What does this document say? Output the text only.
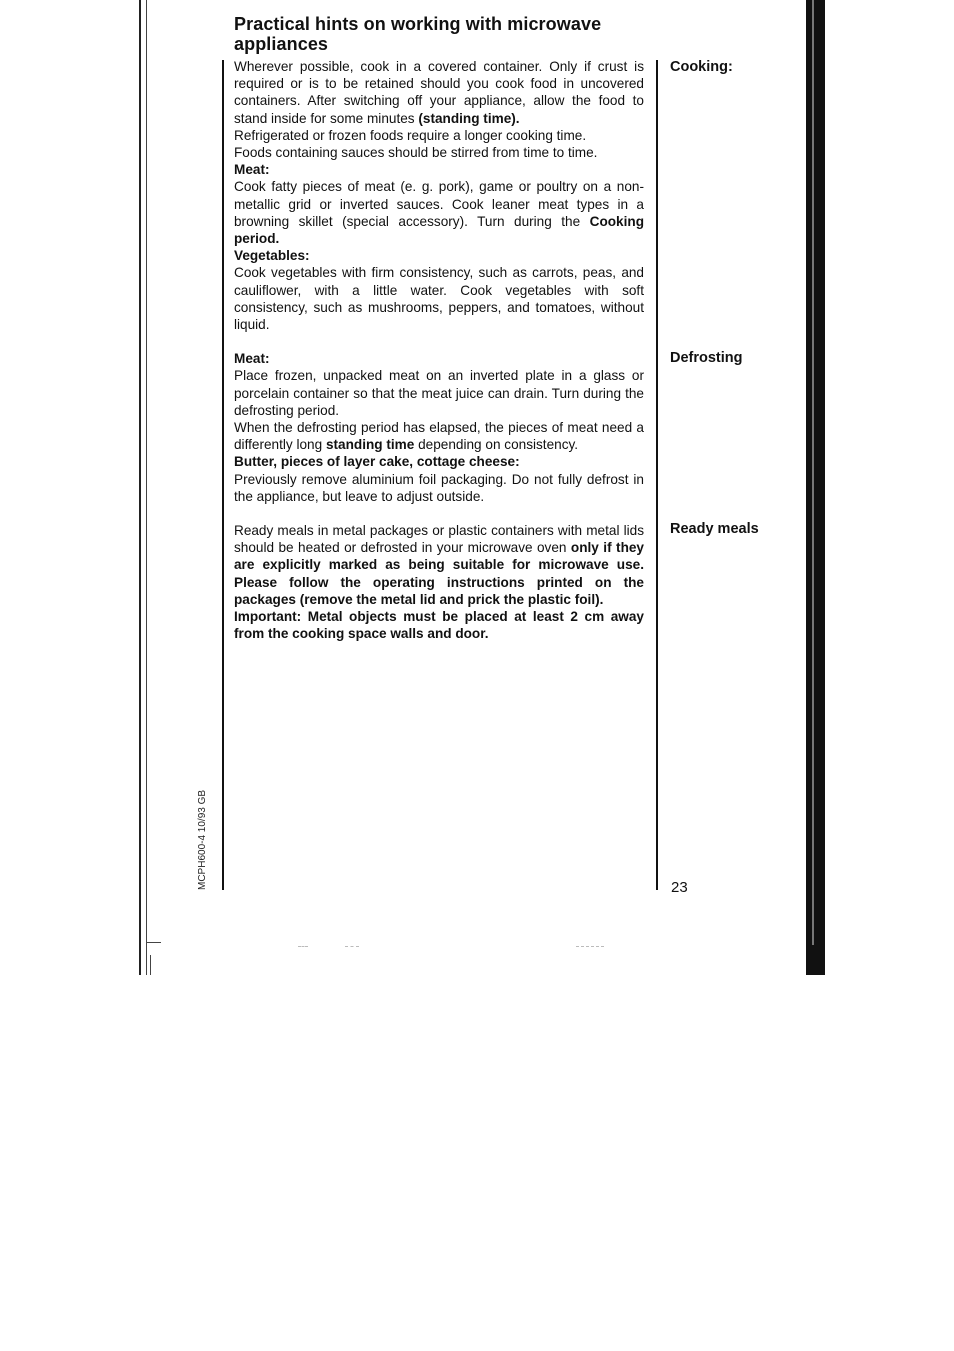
Practical hints on working with microwave appliances

Wherever possible, cook in a covered container. Only if crust is required or is to be retained should you cook food in uncovered containers. After switching off your appliance, allow the food to stand inside for some minutes (standing time).

Refrigerated or frozen foods require a longer cooking time.

Foods containing sauces should be stirred from time to time.

Meat:

Cook fatty pieces of meat (e. g. pork), game or poultry on a non-metallic grid or inverted sauces. Cook leaner meat types in a browning skillet (special accessory). Turn during the Cooking period.

Vegetables:

Cook vegetables with firm consistency, such as carrots, peas, and cauliflower, with a little water. Cook vegetables with soft consistency, such as mushrooms, peppers, and tomatoes, without liquid.

Meat:

Place frozen, unpacked meat on an inverted plate in a glass or porcelain container so that the meat juice can drain. Turn during the defrosting period.

When the defrosting period has elapsed, the pieces of meat need a differently long standing time depending on consistency.

Butter, pieces of layer cake, cottage cheese:

Previously remove aluminium foil packaging. Do not fully defrost in the appliance, but leave to adjust outside.

Ready meals in metal packages or plastic containers with metal lids should be heated or defrosted in your microwave oven only if they are explicitly marked as being suitable for microwave use. Please follow the operating instructions printed on the packages (remove the metal lid and prick the plastic foil).

Important: Metal objects must be placed at least 2 cm away from the cooking space walls and door.

Cooking:
Defrosting
Ready meals
23
MCPH600-4 10/93 GB
